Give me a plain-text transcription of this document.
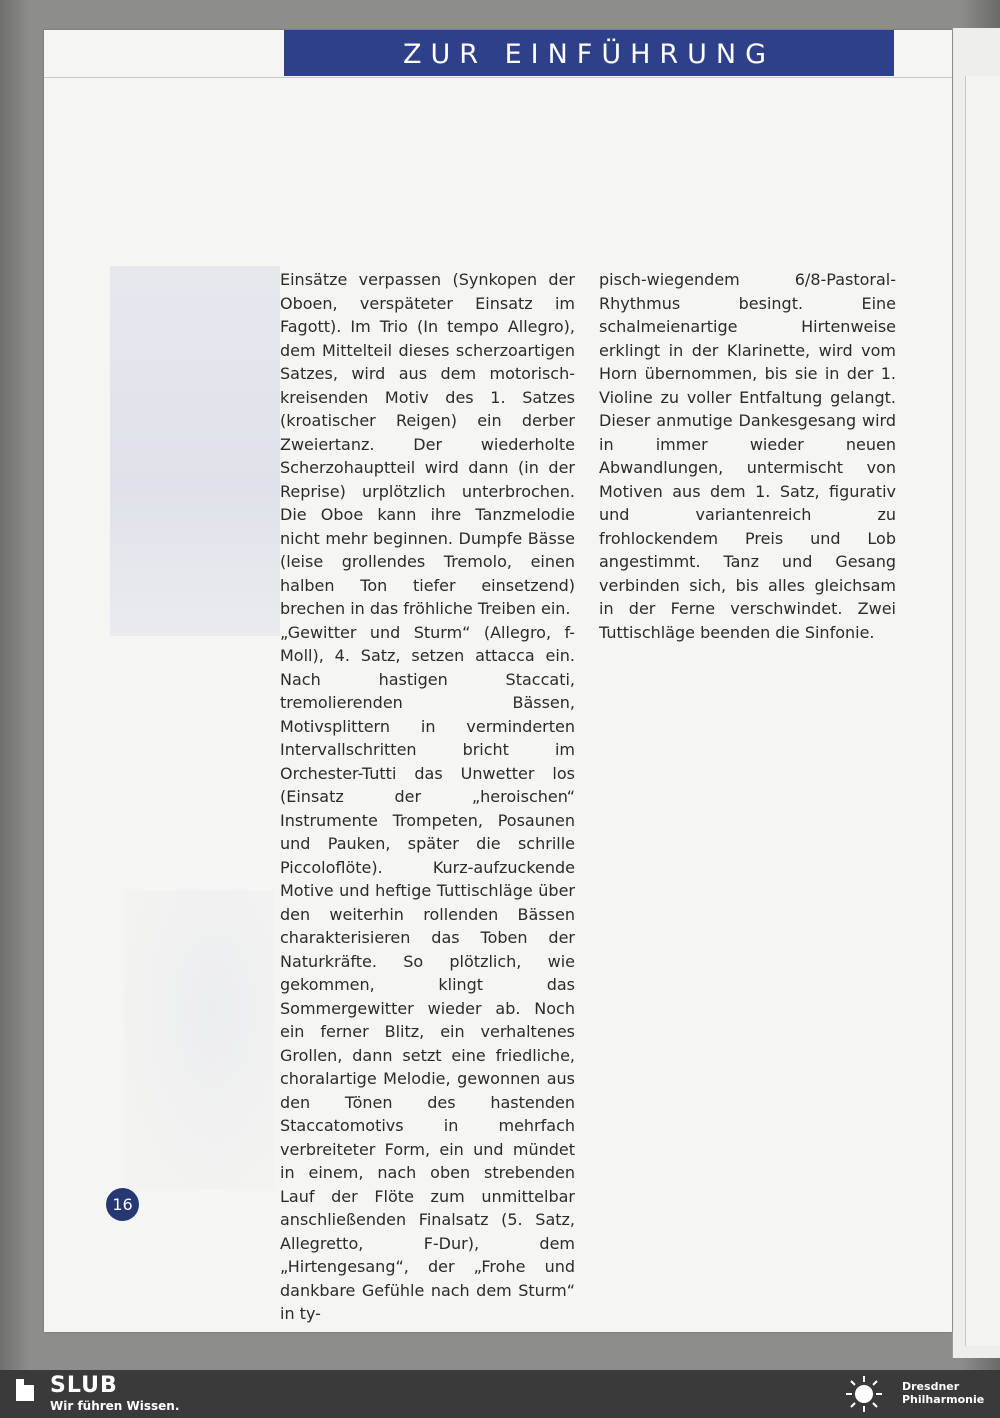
ZUR EINFÜHRUNG

Einsätze verpassen (Synkopen der Oboen, verspäteter Einsatz im Fagott). Im Trio (In tempo Allegro), dem Mittelteil dieses scherzoartigen Satzes, wird aus dem motorisch-kreisenden Motiv des 1. Satzes (kroatischer Reigen) ein derber Zweiertanz. Der wiederholte Scherzohauptteil wird dann (in der Reprise) urplötzlich unterbrochen. Die Oboe kann ihre Tanzmelodie nicht mehr beginnen. Dumpfe Bässe (leise grollendes Tremolo, einen halben Ton tiefer einsetzend) brechen in das fröhliche Treiben ein.

„Gewitter und Sturm“ (Allegro, f-Moll), 4. Satz, setzen attacca ein. Nach hastigen Staccati, tremolierenden Bässen, Motivsplittern in verminderten Intervallschritten bricht im Orchester-Tutti das Unwetter los (Einsatz der „heroischen“ Instrumente Trompeten, Posaunen und Pauken, später die schrille Piccoloflöte). Kurz-aufzuckende Motive und heftige Tuttischläge über den weiterhin rollenden Bässen charakterisieren das Toben der Naturkräfte. So plötzlich, wie gekommen, klingt das Sommergewitter wieder ab. Noch ein ferner Blitz, ein verhaltenes Grollen, dann setzt eine friedliche, choralartige Melodie, gewonnen aus den Tönen des hastenden Staccatomotivs in mehrfach verbreiteter Form, ein und mündet in einem, nach oben strebenden Lauf der Flöte zum unmittelbar anschließenden Finalsatz (5. Satz, Allegretto, F-Dur), dem „Hirtengesang“, der „Frohe und dankbare Gefühle nach dem Sturm“ in ty-

pisch-wiegendem 6/8-Pastoral-Rhythmus besingt. Eine schalmeienartige Hirtenweise erklingt in der Klarinette, wird vom Horn übernommen, bis sie in der 1. Violine zu voller Entfaltung gelangt. Dieser anmutige Dankesgesang wird in immer wieder neuen Abwandlungen, untermischt von Motiven aus dem 1. Satz, figurativ und variantenreich zu frohlockendem Preis und Lob angestimmt. Tanz und Gesang verbinden sich, bis alles gleichsam in der Ferne verschwindet. Zwei Tuttischläge beenden die Sinfonie.

16
SLUB
Wir führen Wissen.
Dresdner
Philharmonie
